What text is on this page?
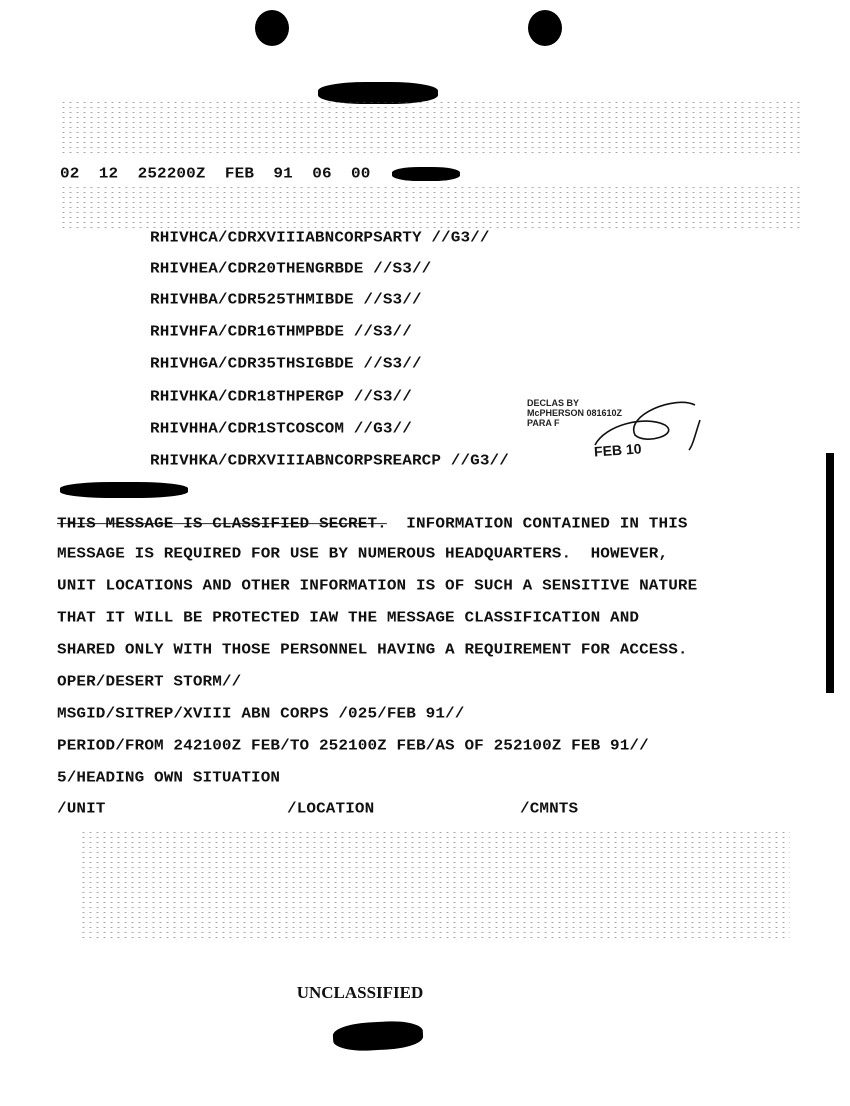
02  12  252200Z  FEB  91  06  00
RHIVHCA/CDRXVIIIABNCORPSARTY //G3//
RHIVHEA/CDR20THENGRBDE //S3//
RHIVHBA/CDR525THMIBDE //S3//
RHIVHFA/CDR16THMPBDE //S3//
RHIVHGA/CDR35THSIGBDE //S3//
RHIVHKA/CDR18THPERGP //S3//
RHIVHHA/CDR1STCOSCOM //G3//
RHIVHKA/CDRXVIIIABNCORPSREARCP //G3//
DECLAS BY
McPHERSON 081610Z
PARA F
FEB 10
THIS MESSAGE IS CLASSIFIED SECRET.  INFORMATION CONTAINED IN THIS
MESSAGE IS REQUIRED FOR USE BY NUMEROUS HEADQUARTERS.  HOWEVER,
UNIT LOCATIONS AND OTHER INFORMATION IS OF SUCH A SENSITIVE NATURE
THAT IT WILL BE PROTECTED IAW THE MESSAGE CLASSIFICATION AND
SHARED ONLY WITH THOSE PERSONNEL HAVING A REQUIREMENT FOR ACCESS.
OPER/DESERT STORM//
MSGID/SITREP/XVIII ABN CORPS /025/FEB 91//
PERIOD/FROM 242100Z FEB/TO 252100Z FEB/AS OF 252100Z FEB 91//
5/HEADING OWN SITUATION
/UNIT	/LOCATION	/CMNTS
UNCLASSIFIED
